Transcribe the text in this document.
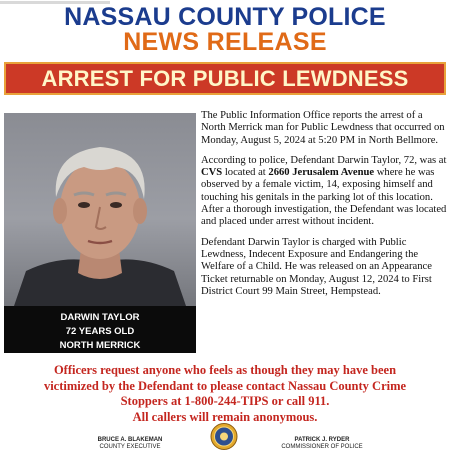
NASSAU COUNTY POLICE
NEWS RELEASE
ARREST FOR PUBLIC LEWDNESS
DARWIN TAYLOR
72 YEARS OLD
NORTH MERRICK

The Public Information Office reports the arrest of a North Merrick man for Public Lewdness that occurred on Monday, August 5, 2024 at 5:20 PM in North Bellmore.

According to police, Defendant Darwin Taylor, 72, was at CVS located at 2660 Jerusalem Avenue where he was observed by a female victim, 14, exposing himself and touching his genitals in the parking lot of this location. After a thorough investigation, the Defendant was located and placed under arrest without incident.

Defendant Darwin Taylor is charged with Public Lewdness, Indecent Exposure and Endangering the Welfare of a Child. He was released on an Appearance Ticket returnable on Monday, August 12, 2024 to First District Court 99 Main Street, Hempstead.

Officers request anyone who feels as though they may have been
victimized by the Defendant to please contact Nassau County Crime
Stoppers at 1-800-244-TIPS or call 911.
All callers will remain anonymous.
BRUCE A. BLAKEMAN
COUNTY EXECUTIVE
PATRICK J. RYDER
COMMISSIONER OF POLICE
